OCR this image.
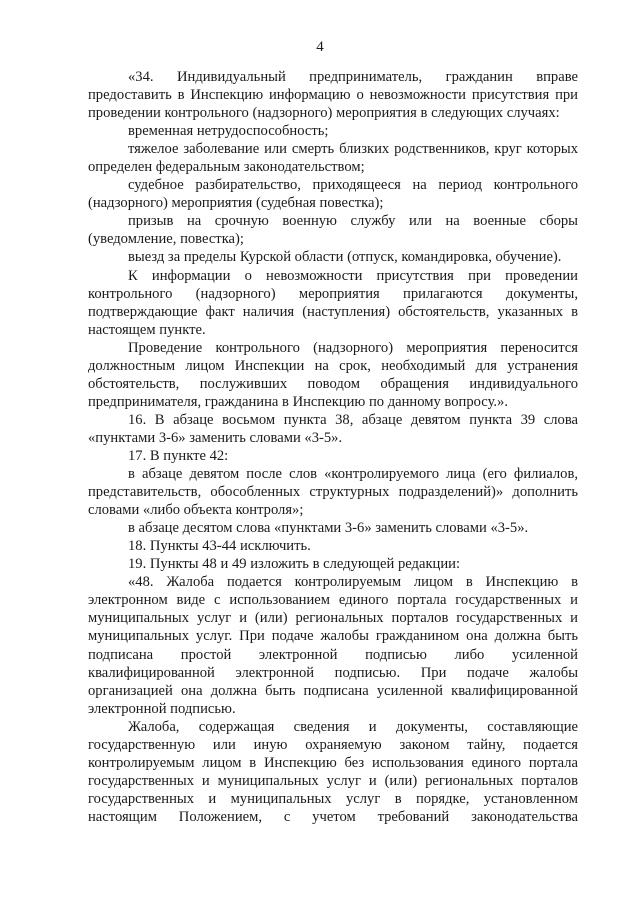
4

«34. Индивидуальный предприниматель, гражданин вправе предоставить в Инспекцию информацию о невозможности присутствия при проведении контрольного (надзорного) мероприятия в следующих случаях:

временная нетрудоспособность;

тяжелое заболевание или смерть близких родственников, круг которых определен федеральным законодательством;

судебное разбирательство, приходящееся на период контрольного (надзорного) мероприятия (судебная повестка);

призыв на срочную военную службу или на военные сборы (уведомление, повестка);

выезд за пределы Курской области (отпуск, командировка, обучение).

К информации о невозможности присутствия при проведении контрольного (надзорного) мероприятия прилагаются документы, подтверждающие факт наличия (наступления) обстоятельств, указанных в настоящем пункте.

Проведение контрольного (надзорного) мероприятия переносится должностным лицом Инспекции на срок, необходимый для устранения обстоятельств, послуживших поводом обращения индивидуального предпринимателя, гражданина в Инспекцию по данному вопросу.».

16. В абзаце восьмом пункта 38, абзаце девятом пункта 39 слова «пунктами 3-6» заменить словами «3-5».

17. В пункте 42:

в абзаце девятом после слов «контролируемого лица (его филиалов, представительств, обособленных структурных подразделений)» дополнить словами «либо объекта контроля»;

в абзаце десятом слова «пунктами 3-6» заменить словами «3-5».

18. Пункты 43-44 исключить.

19. Пункты 48 и 49 изложить в следующей редакции:

«48. Жалоба подается контролируемым лицом в Инспекцию в электронном виде с использованием единого портала государственных и муниципальных услуг и (или) региональных порталов государственных и муниципальных услуг. При подаче жалобы гражданином она должна быть подписана простой электронной подписью либо усиленной квалифицированной электронной подписью. При подаче жалобы организацией она должна быть подписана усиленной квалифицированной электронной подписью.

Жалоба, содержащая сведения и документы, составляющие государственную или иную охраняемую законом тайну, подается контролируемым лицом в Инспекцию без использования единого портала государственных и муниципальных услуг и (или) региональных порталов государственных и муниципальных услуг в порядке, установленном настоящим Положением, с учетом требований законодательства
